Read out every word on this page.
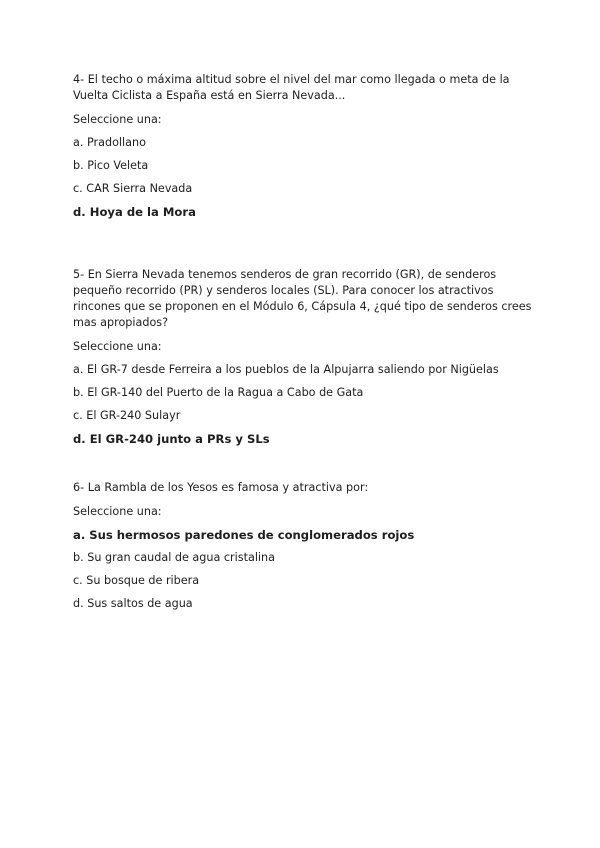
4- El techo o máxima altitud sobre el nivel del mar como llegada o meta de la Vuelta Ciclista a España está en Sierra Nevada...

Seleccione una:

a. Pradollano

b. Pico Veleta

c. CAR Sierra Nevada

d. Hoya de la Mora

5- En Sierra Nevada tenemos senderos de gran recorrido (GR), de senderos pequeño recorrido (PR) y senderos locales (SL). Para conocer los atractivos rincones que se proponen en el Módulo 6, Cápsula 4, ¿qué tipo de senderos crees mas apropiados?

Seleccione una:

a. El GR-7 desde Ferreira a los pueblos de la Alpujarra saliendo por Nigüelas

b. El GR-140 del Puerto de la Ragua a Cabo de Gata

c. El GR-240 Sulayr

d. El GR-240 junto a PRs y SLs

6- La Rambla de los Yesos es famosa y atractiva por:

Seleccione una:

a. Sus hermosos paredones de conglomerados rojos

b. Su gran caudal de agua cristalina

c. Su bosque de ribera

d. Sus saltos de agua
